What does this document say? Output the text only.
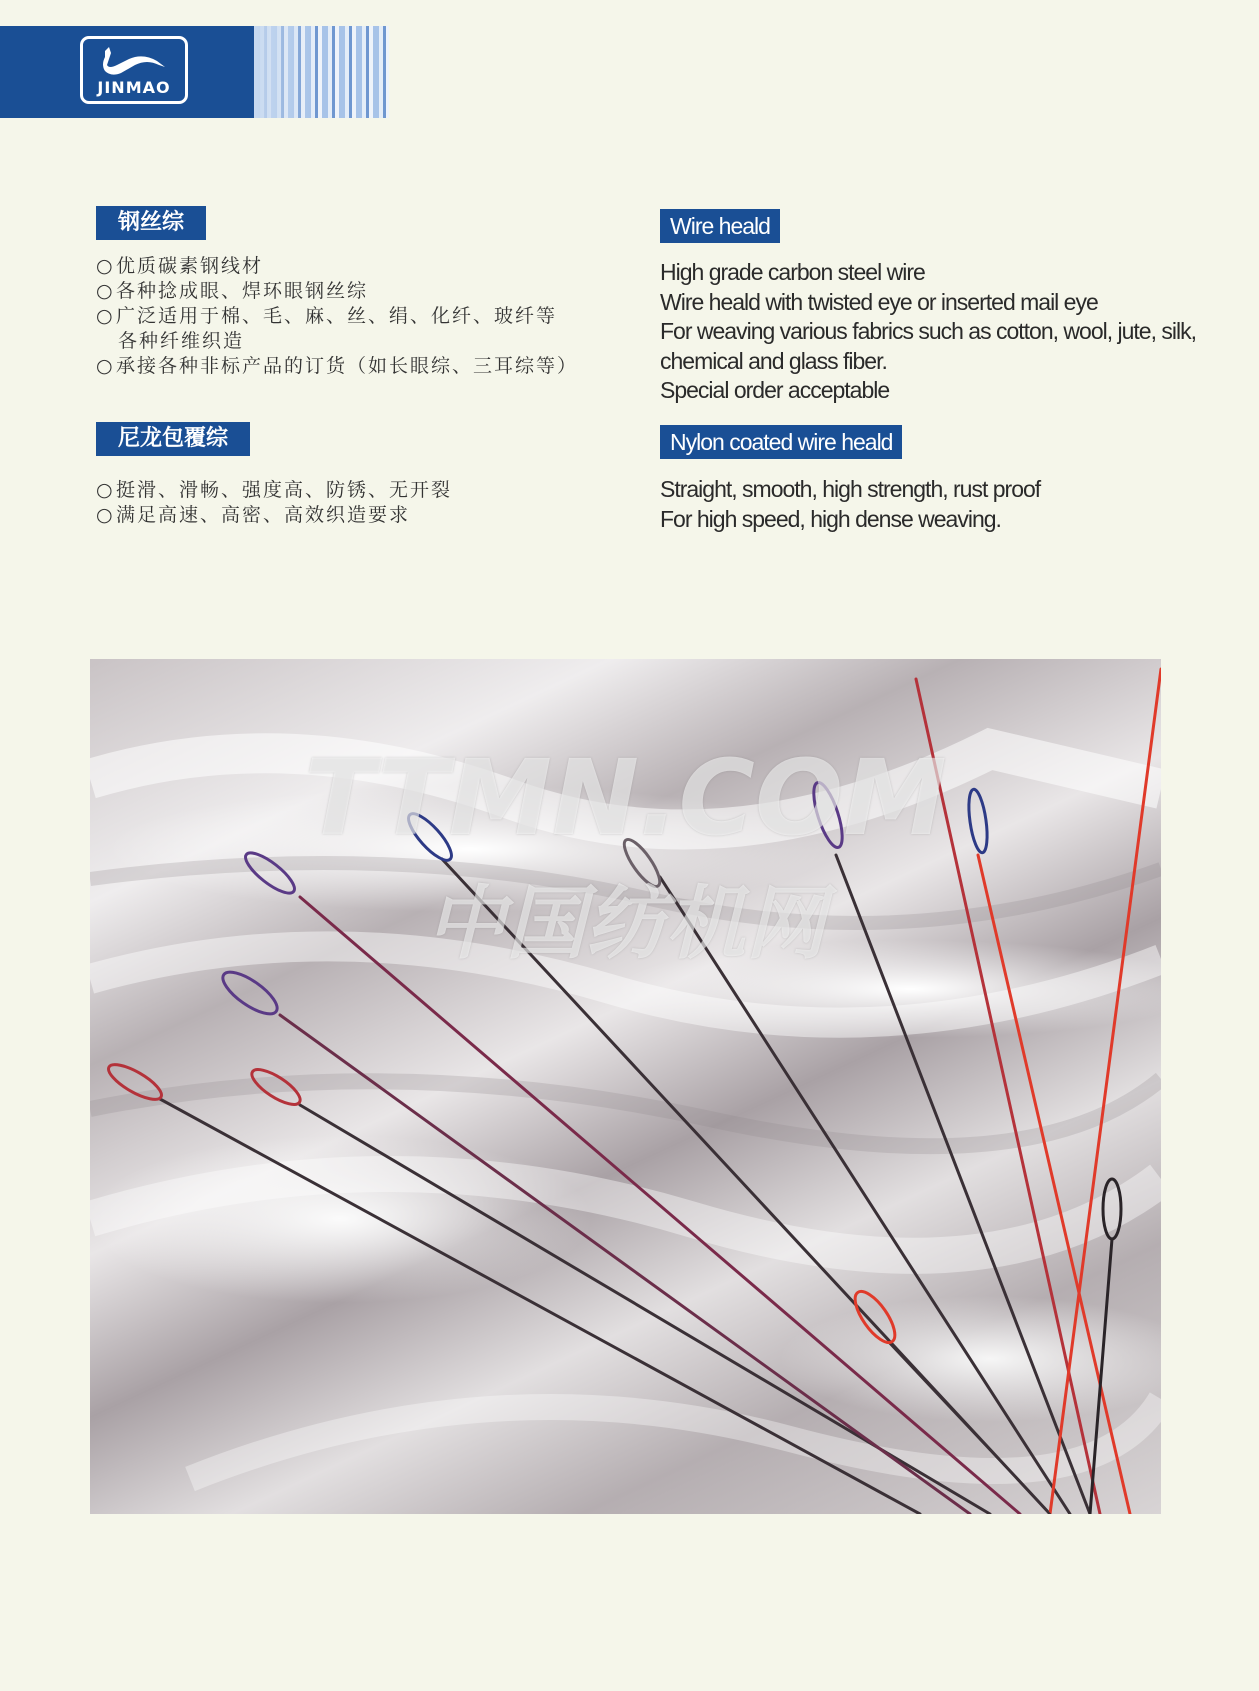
JINMAO
钢丝综
○优质碳素钢线材
○各种捻成眼、焊环眼钢丝综
○广泛适用于棉、毛、麻、丝、绢、化纤、玻纤等
各种纤维织造
○承接各种非标产品的订货（如长眼综、三耳综等）
尼龙包覆综
○挺滑、滑畅、强度高、防锈、无开裂
○满足高速、高密、高效织造要求
Wire heald
High grade carbon steel wire
Wire heald with twisted eye or inserted mail eye
For weaving various fabrics such as cotton, wool, jute, silk,
chemical and glass fiber.
Special order acceptable
Nylon coated wire heald
Straight, smooth, high strength, rust proof
For high speed, high dense weaving.
TTMN.COM
中国纺机网
